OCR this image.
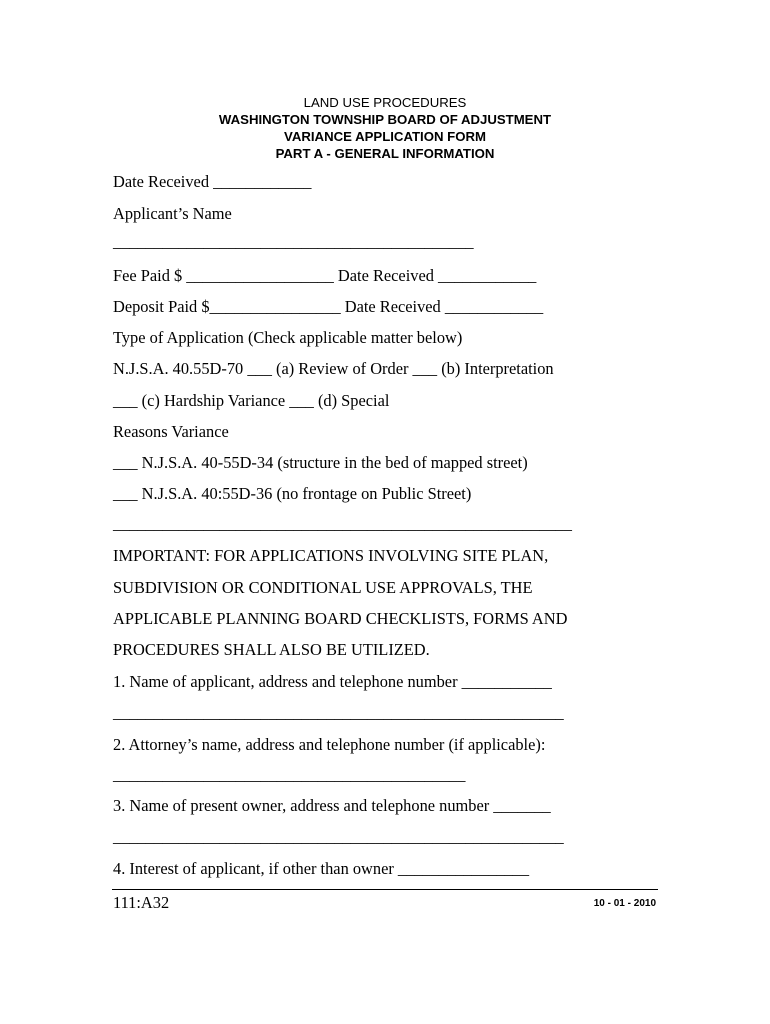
LAND USE PROCEDURES
WASHINGTON TOWNSHIP BOARD OF ADJUSTMENT
VARIANCE APPLICATION FORM
PART A - GENERAL INFORMATION
Date Received ____________
Applicant’s Name
____________________________________________
Fee Paid $ __________________ Date Received ____________
Deposit Paid $________________ Date Received ____________
Type of Application (Check applicable matter below)
N.J.S.A. 40.55D-70 ___ (a) Review of Order ___ (b) Interpretation
___ (c) Hardship Variance ___ (d) Special
Reasons Variance
___ N.J.S.A. 40-55D-34 (structure in the bed of mapped street)
___ N.J.S.A. 40:55D-36 (no frontage on Public Street)
________________________________________________________
IMPORTANT: FOR APPLICATIONS INVOLVING SITE PLAN,
SUBDIVISION OR CONDITIONAL USE APPROVALS, THE
APPLICABLE PLANNING BOARD CHECKLISTS, FORMS AND
PROCEDURES SHALL ALSO BE UTILIZED.
1. Name of applicant, address and telephone number ___________
_______________________________________________________
2. Attorney’s name, address and telephone number (if applicable):
___________________________________________
3. Name of present owner, address and telephone number _______
_______________________________________________________
4. Interest of applicant, if other than owner ________________
111:A32	10 - 01 - 2010
